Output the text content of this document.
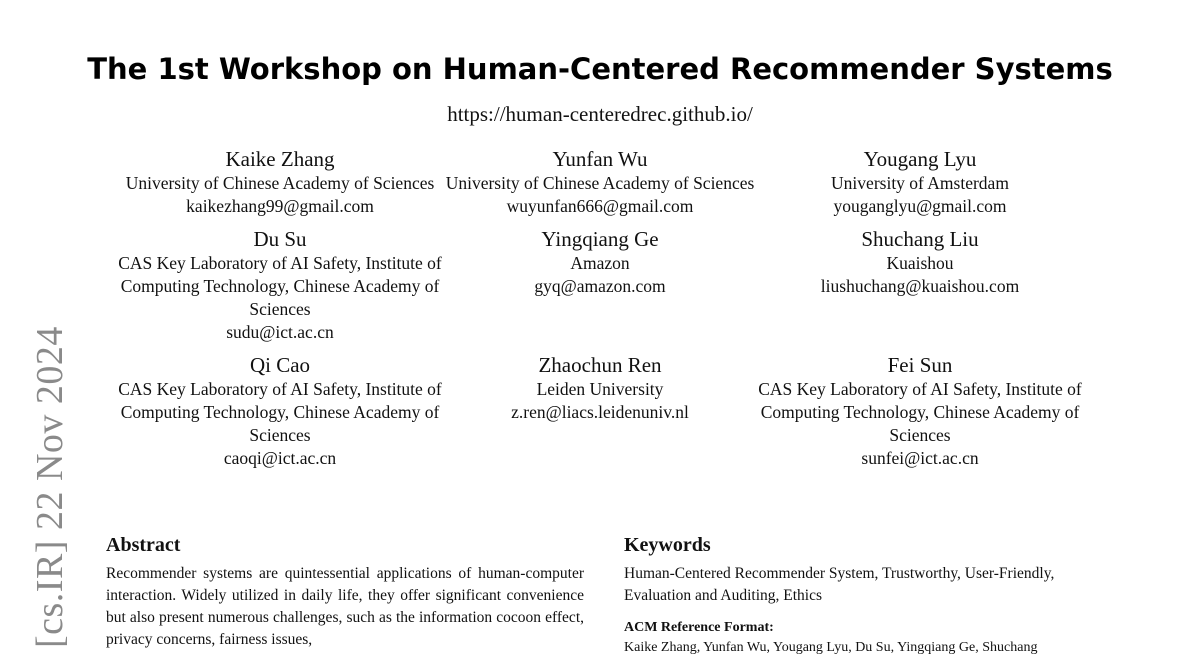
[cs.IR] 22 Nov 2024
The 1st Workshop on Human-Centered Recommender Systems
https://human-centeredrec.github.io/
Kaike Zhang
University of Chinese Academy of Sciences
kaikezhang99@gmail.com
Yunfan Wu
University of Chinese Academy of Sciences
wuyunfan666@gmail.com
Yougang Lyu
University of Amsterdam
youganglyu@gmail.com
Du Su
CAS Key Laboratory of AI Safety, Institute of Computing Technology, Chinese Academy of Sciences
sudu@ict.ac.cn
Yingqiang Ge
Amazon
gyq@amazon.com
Shuchang Liu
Kuaishou
liushuchang@kuaishou.com
Qi Cao
CAS Key Laboratory of AI Safety, Institute of Computing Technology, Chinese Academy of Sciences
caoqi@ict.ac.cn
Zhaochun Ren
Leiden University
z.ren@liacs.leidenuniv.nl
Fei Sun
CAS Key Laboratory of AI Safety, Institute of Computing Technology, Chinese Academy of Sciences
sunfei@ict.ac.cn
Abstract

Recommender systems are quintessential applications of human-computer interaction. Widely utilized in daily life, they offer significant convenience but also present numerous challenges, such as the information cocoon effect, privacy concerns, fairness issues,

Keywords

Human-Centered Recommender System, Trustworthy, User-Friendly, Evaluation and Auditing, Ethics

ACM Reference Format:

Kaike Zhang, Yunfan Wu, Yougang Lyu, Du Su, Yingqiang Ge, Shuchang
